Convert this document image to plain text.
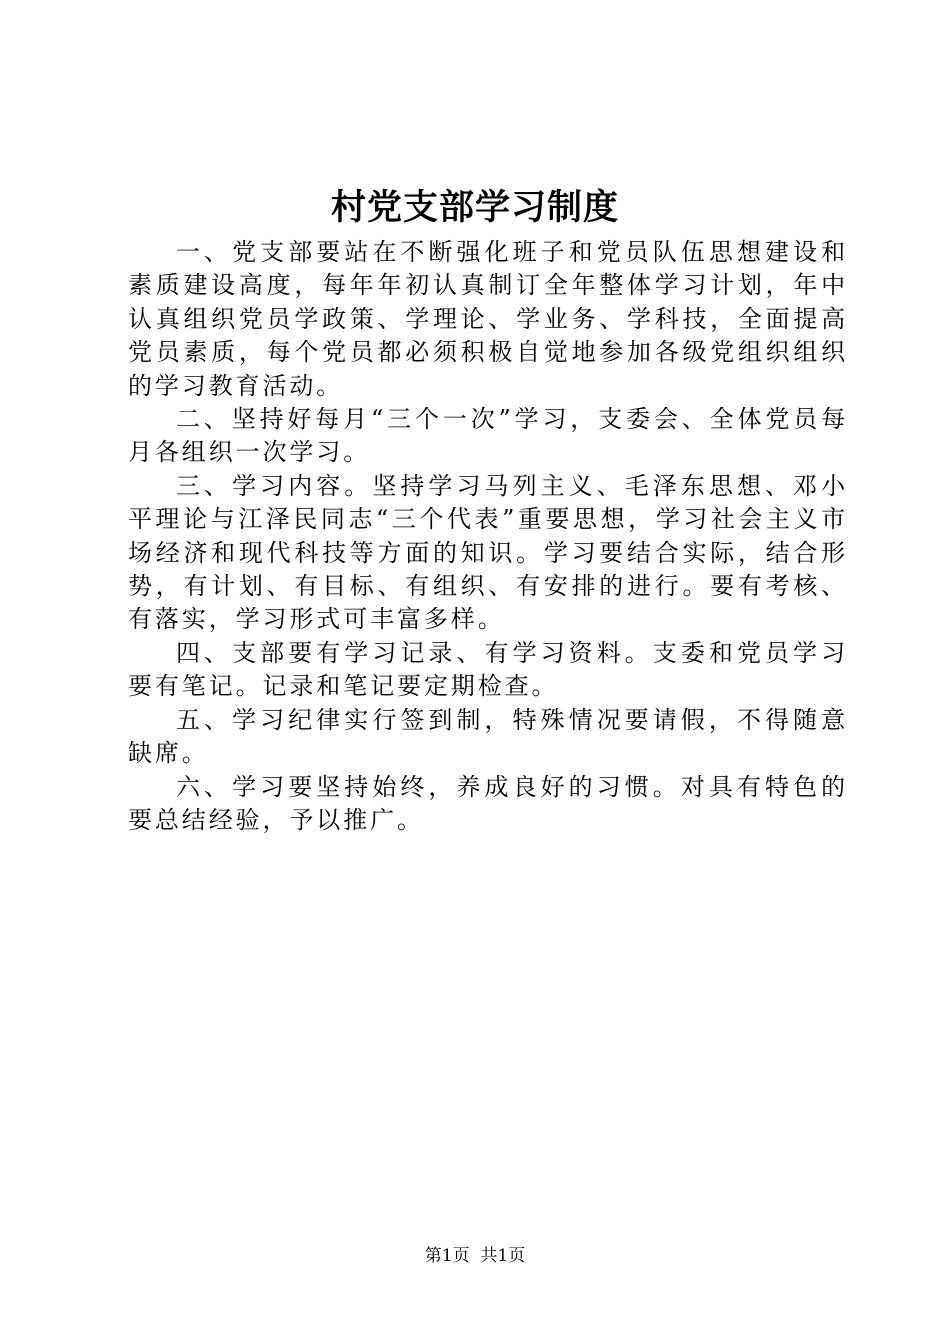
村党支部学习制度

一、党支部要站在不断强化班子和党员队伍思想建设和素质建设高度，每年年初认真制订全年整体学习计划，年中认真组织党员学政策、学理论、学业务、学科技，全面提高党员素质，每个党员都必须积极自觉地参加各级党组织组织的学习教育活动。

二、坚持好每月“三个一次”学习，支委会、全体党员每月各组织一次学习。

三、学习内容。坚持学习马列主义、毛泽东思想、邓小平理论与江泽民同志“三个代表”重要思想，学习社会主义市场经济和现代科技等方面的知识。学习要结合实际，结合形势，有计划、有目标、有组织、有安排的进行。要有考核、有落实，学习形式可丰富多样。

四、支部要有学习记录、有学习资料。支委和党员学习要有笔记。记录和笔记要定期检查。

五、学习纪律实行签到制，特殊情况要请假，不得随意缺席。

六、学习要坚持始终，养成良好的习惯。对具有特色的要总结经验，予以推广。

第1页 共1页
